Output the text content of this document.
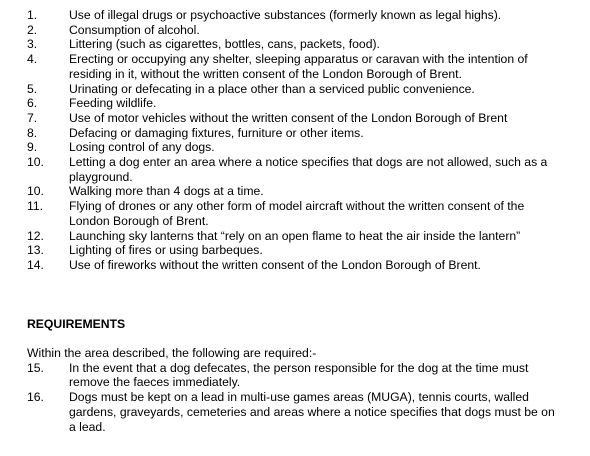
1.	Use of illegal drugs or psychoactive substances (formerly known as legal highs).
2.	Consumption of alcohol.
3.	Littering (such as cigarettes, bottles, cans, packets, food).
4.	Erecting or occupying any shelter, sleeping apparatus or caravan with the intention of residing in it, without the written consent of the London Borough of Brent.
5.	Urinating or defecating in a place other than a serviced public convenience.
6.	Feeding wildlife.
7.	Use of motor vehicles without the written consent of the London Borough of Brent
8.	Defacing or damaging fixtures, furniture or other items.
9.	Losing control of any dogs.
10.	Letting a dog enter an area where a notice specifies that dogs are not allowed, such as a playground.
10.	Walking more than 4 dogs at a time.
11.	Flying of drones or any other form of model aircraft without the written consent of the London Borough of Brent.
12.	Launching sky lanterns that “rely on an open flame to heat the air inside the lantern”
13.	Lighting of fires or using barbeques.
14.	Use of fireworks without the written consent of the London Borough of Brent.
REQUIREMENTS
Within the area described, the following are required:-
15.	In the event that a dog defecates, the person responsible for the dog at the time must remove the faeces immediately.
16.	Dogs must be kept on a lead in multi-use games areas (MUGA), tennis courts, walled gardens, graveyards, cemeteries and areas where a notice specifies that dogs must be on a lead.
